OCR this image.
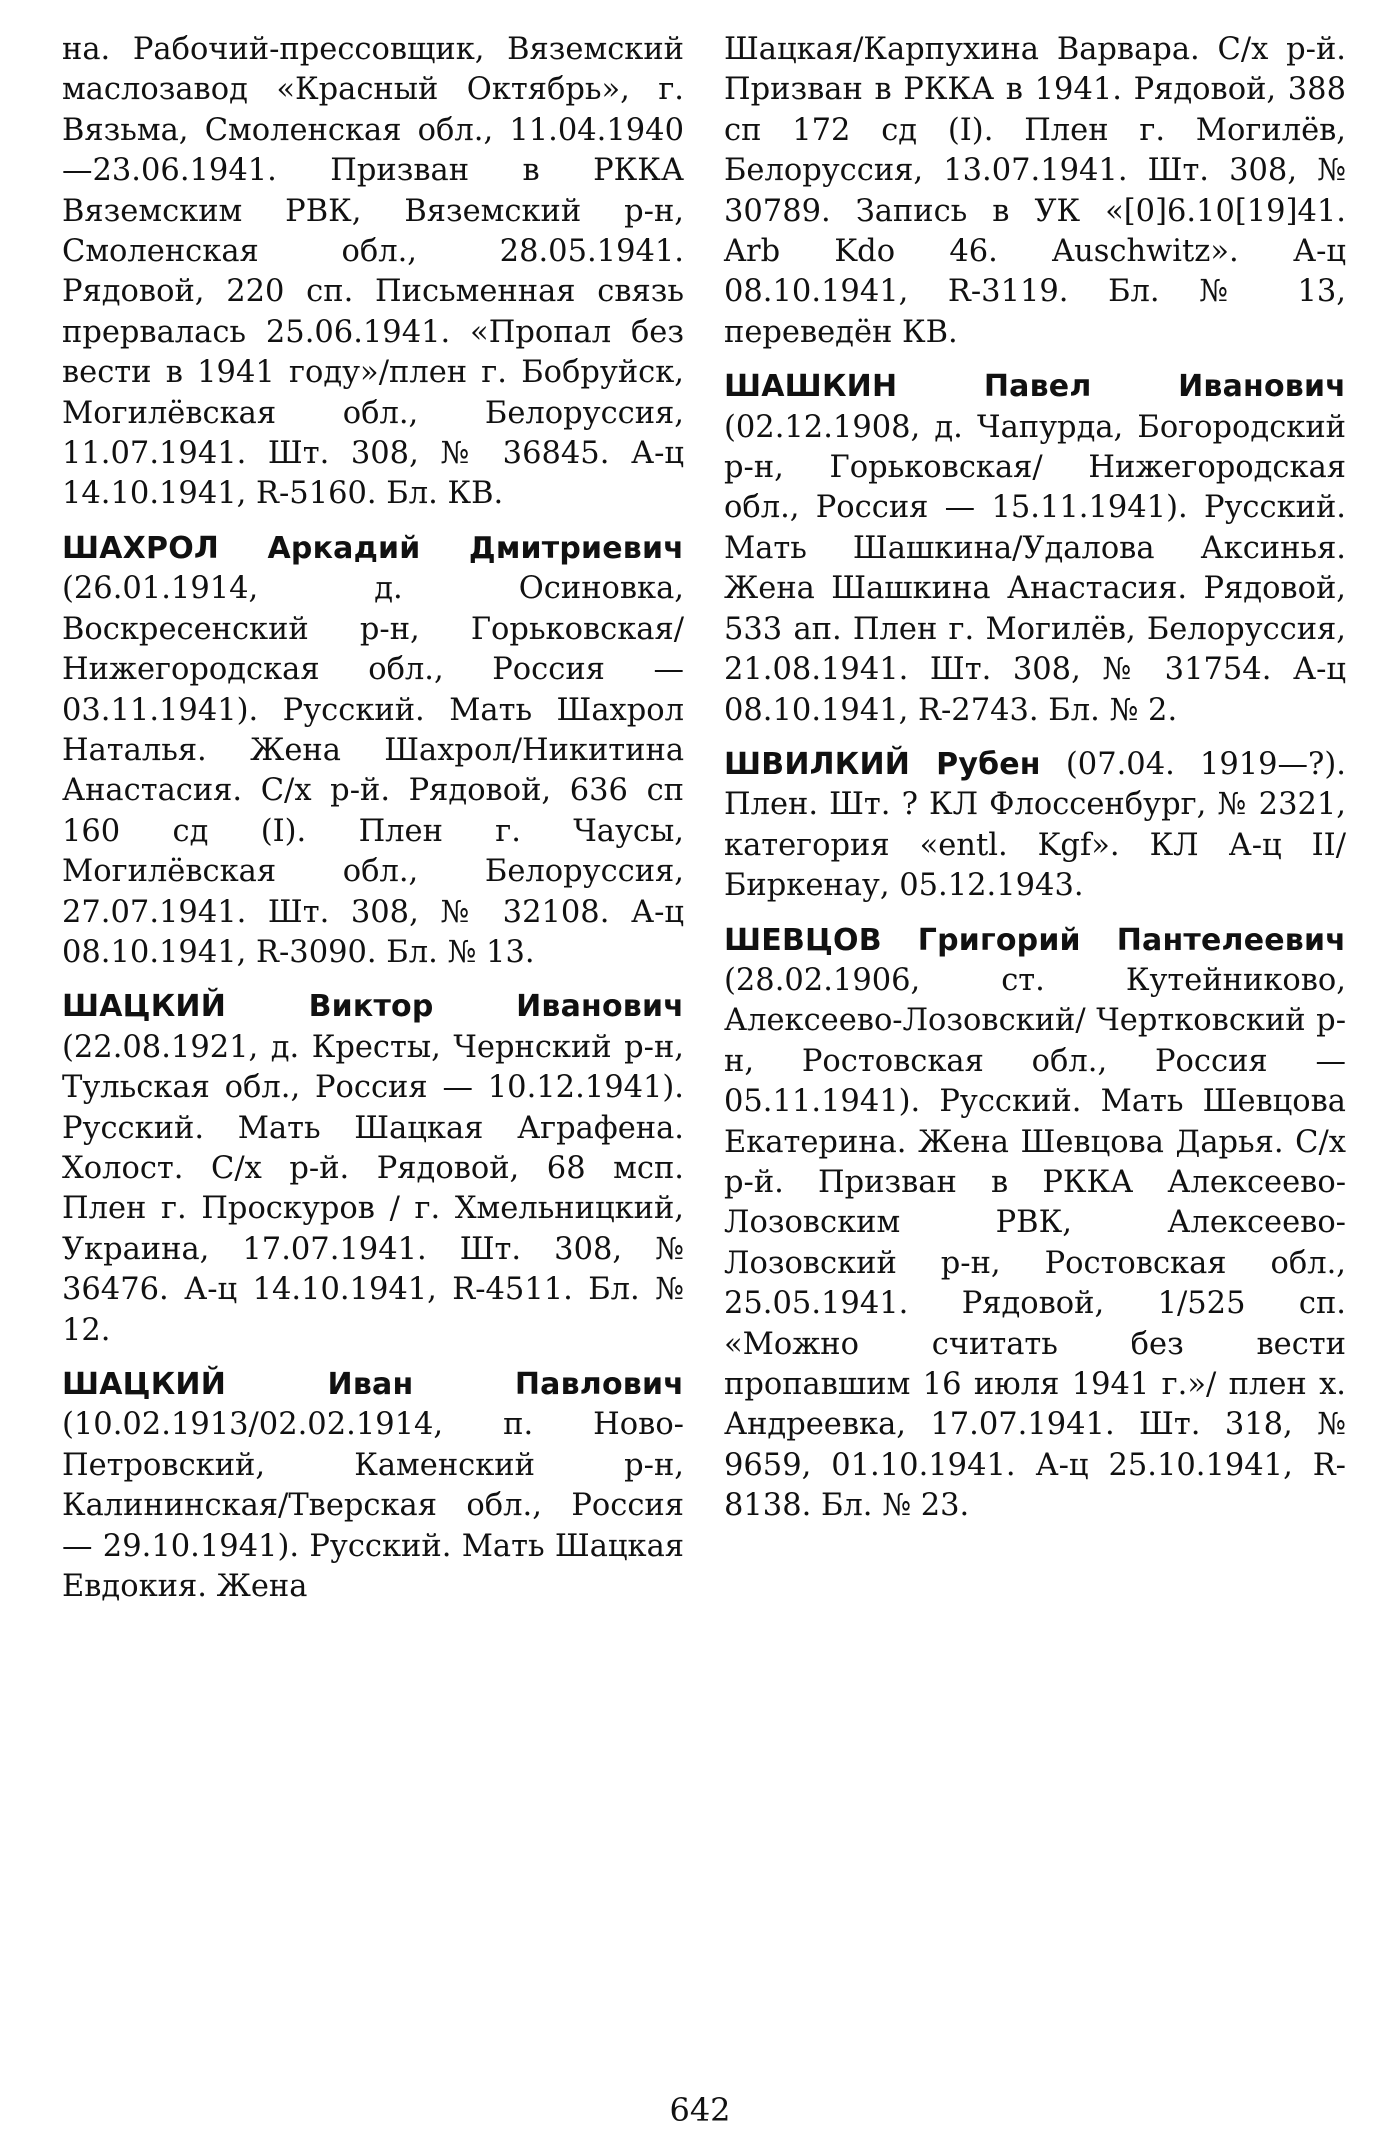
на. Рабочий-прессовщик, Вяземский маслозавод «Красный Октябрь», г. Вязьма, Смоленская обл., 11.04.1940—23.06.1941. Призван в РККА Вяземским РВК, Вяземский р-н, Смоленская обл., 28.05.1941. Рядовой, 220 сп. Письменная связь прервалась 25.06.1941. «Пропал без вести в 1941 году»/плен г. Бобруйск, Могилёвская обл., Белоруссия, 11.07.1941. Шт. 308, № 36845. А-ц 14.10.1941, R-5160. Бл. КВ.

ШАХРОЛ Аркадий Дмитриевич (26.01.1914, д. Осиновка, Воскресенский р-н, Горьковская/Нижегородская обл., Россия — 03.11.1941). Русский. Мать Шахрол Наталья. Жена Шахрол/Никитина Анастасия. С/х р-й. Рядовой, 636 сп 160 сд (I). Плен г. Чаусы, Могилёвская обл., Белоруссия, 27.07.1941. Шт. 308, № 32108. А-ц 08.10.1941, R-3090. Бл. № 13.

ШАЦКИЙ Виктор Иванович (22.08.1921, д. Кресты, Чернский р-н, Тульская обл., Россия — 10.12.1941). Русский. Мать Шацкая Аграфена. Холост. С/х р-й. Рядовой, 68 мсп. Плен г. Проскуров / г. Хмельницкий, Украина, 17.07.1941. Шт. 308, № 36476. А-ц 14.10.1941, R-4511. Бл. № 12.

ШАЦКИЙ Иван Павлович (10.02.1913/02.02.1914, п. Ново-Петровский, Каменский р-н, Калининская/Тверская обл., Россия — 29.10.1941). Русский. Мать Шацкая Евдокия. Жена

Шацкая/Карпухина Варвара. С/х р-й. Призван в РККА в 1941. Рядовой, 388 сп 172 сд (I). Плен г. Могилёв, Белоруссия, 13.07.1941. Шт. 308, № 30789. Запись в УК «[0]6.10[19]41. Arb Kdo 46. Auschwitz». А-ц 08.10.1941, R-3119. Бл. № 13, переведён КВ.

ШАШКИН Павел Иванович (02.12.1908, д. Чапурда, Богородский р-н, Горьковская/ Нижегородская обл., Россия — 15.11.1941). Русский. Мать Шашкина/Удалова Аксинья. Жена Шашкина Анастасия. Рядовой, 533 ап. Плен г. Могилёв, Белоруссия, 21.08.1941. Шт. 308, № 31754. А-ц 08.10.1941, R-2743. Бл. № 2.

ШВИЛКИЙ Рубен (07.04. 1919—?). Плен. Шт. ? КЛ Флоссенбург, № 2321, категория «entl. Kgf». КЛ А-ц II/Биркенау, 05.12.1943.

ШЕВЦОВ Григорий Пантелеевич (28.02.1906, ст. Кутейниково, Алексеево-Лозовский/ Чертковский р-н, Ростовская обл., Россия — 05.11.1941). Русский. Мать Шевцова Екатерина. Жена Шевцова Дарья. С/х р-й. Призван в РККА Алексеево-Лозовским РВК, Алексеево-Лозовский р-н, Ростовская обл., 25.05.1941. Рядовой, 1/525 сп. «Можно считать без вести пропавшим 16 июля 1941 г.»/ плен х. Андреевка, 17.07.1941. Шт. 318, № 9659, 01.10.1941. А-ц 25.10.1941, R-8138. Бл. № 23.

642
